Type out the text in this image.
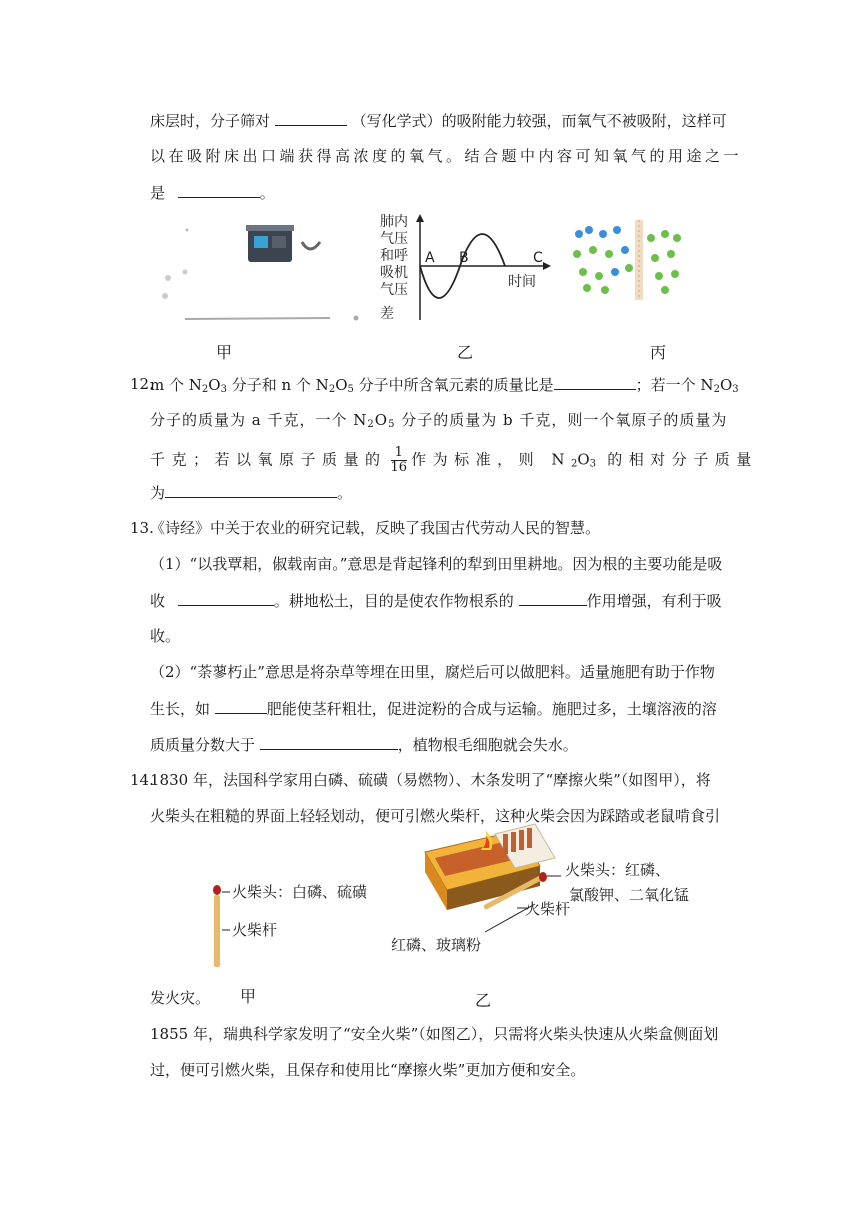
床层时，分子筛对	（写化学式）的吸附能力较强，而氧气不被吸附，这样可
以在吸附床出口端获得高浓度的氧气。结合题中内容可知氧气的用途之一
是	。
肺内
气压
和呼
吸机
气压
差
A B	C
时间
甲	乙	丙
12.
m 个 $N_2O_3$ 分子和 n 个 $N_2O_5$ 分子中所含氧元素的质量比是	；若一个 $N_2O_3$
分子的质量为 a 千克，一个 $N_2O_5$ 分子的质量为 b 千克，则一个氧原子的质量为
千克；若以氧原子质量的 $\frac{1}{16}$ 作为标准，则 $N_2O_3$ 的相对分子质量
为	。
13.
《诗经》中关于农业的研究记载，反映了我国古代劳动人民的智慧。
（1）“以我覃耜，俶载南亩。”意思是背起锋利的犁到田里耕地。因为根的主要功能是吸
收	。耕地松土，目的是使农作物根系的	作用增强，有利于吸
收。
（2）“荼蓼朽止”意思是将杂草等埋在田里，腐烂后可以做肥料。适量施肥有助于作物
生长，如	肥能使茎秆粗壮，促进淀粉的合成与运输。施肥过多，土壤溶液的溶
质质量分数大于	，植物根毛细胞就会失水。
14.
1830 年，法国科学家用白磷、硫磺（易燃物）、木条发明了“摩擦火柴”（如图甲），将
火柴头在粗糙的界面上轻轻划动，便可引燃火柴杆，这种火柴会因为踩踏或老鼠啃食引
火柴头：白磷、硫磺
火柴杆
火柴头：红磷、
氯酸钾、二氧化锰
火柴杆
红磷、玻璃粉
发火灾。 甲	乙
1855 年，瑞典科学家发明了“安全火柴”（如图乙），只需将火柴头快速从火柴盒侧面划
过，便可引燃火柴，且保存和使用比“摩擦火柴”更加方便和安全。
